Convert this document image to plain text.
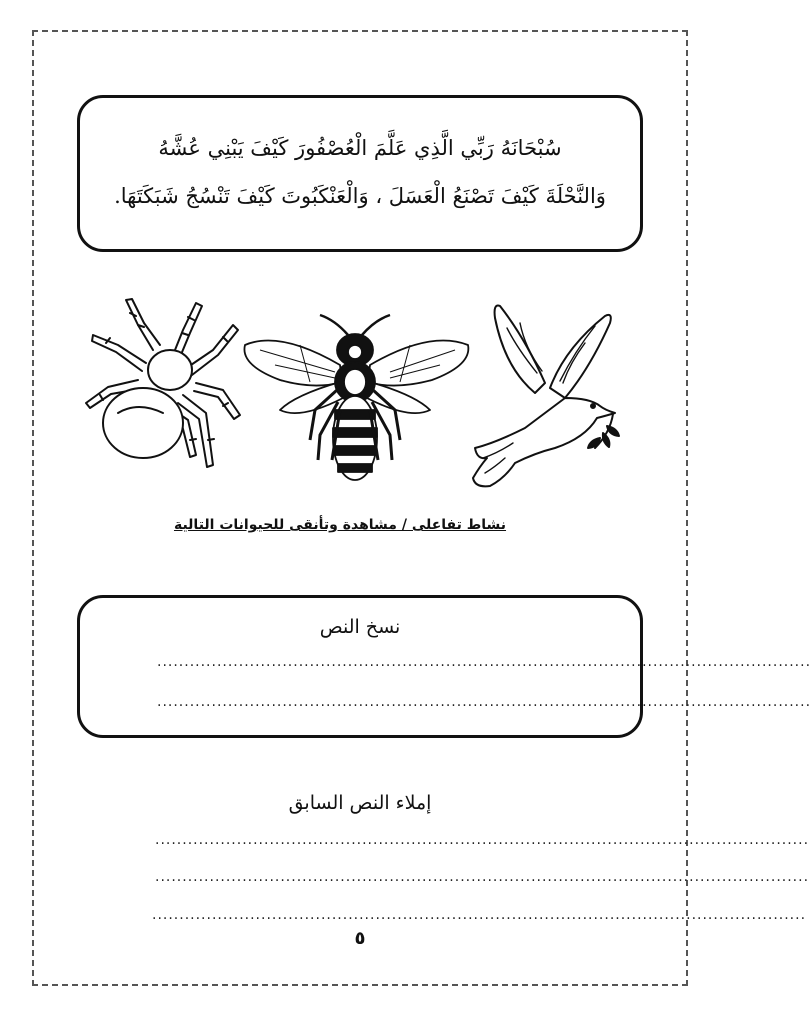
سُبْحَانَهُ رَبِّي الَّذِي عَلَّمَ الْعُصْفُورَ كَيْفَ يَبْنِي عُشَّهُ
وَالنَّحْلَةَ كَيْفَ تَصْنَعُ الْعَسَلَ ، وَالْعَنْكَبُوتَ كَيْفَ تَنْسُجُ شَبَكَتَهَا.
نشاط تفاعلى / مشاهدة وتأنقى للحيوانات التالية
نسخ النص
........................................................................................................................
........................................................................................................................
إملاء النص السابق
........................................................................................................................
........................................................................................................................
........................................................................................................................
٥
